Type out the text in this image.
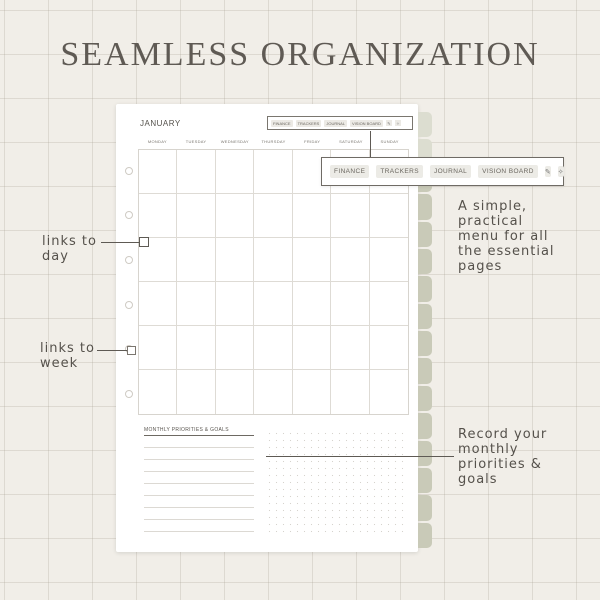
SEAMLESS ORGANIZATION
JANUARY	FINANCE	TRACKERS	JOURNAL	VISION BOARD	✎	✧
MONDAY	TUESDAY	WEDNESDAY	THURSDAY	FRIDAY	SATURDAY	SUNDAY
MONTHLY PRIORITIES & GOALS
FINANCE	TRACKERS	JOURNAL	VISION BOARD	✎ ✧
links to
day
links to
week
A simple,
practical
menu for all
the essential
pages
Record your
monthly
priorities &
goals
